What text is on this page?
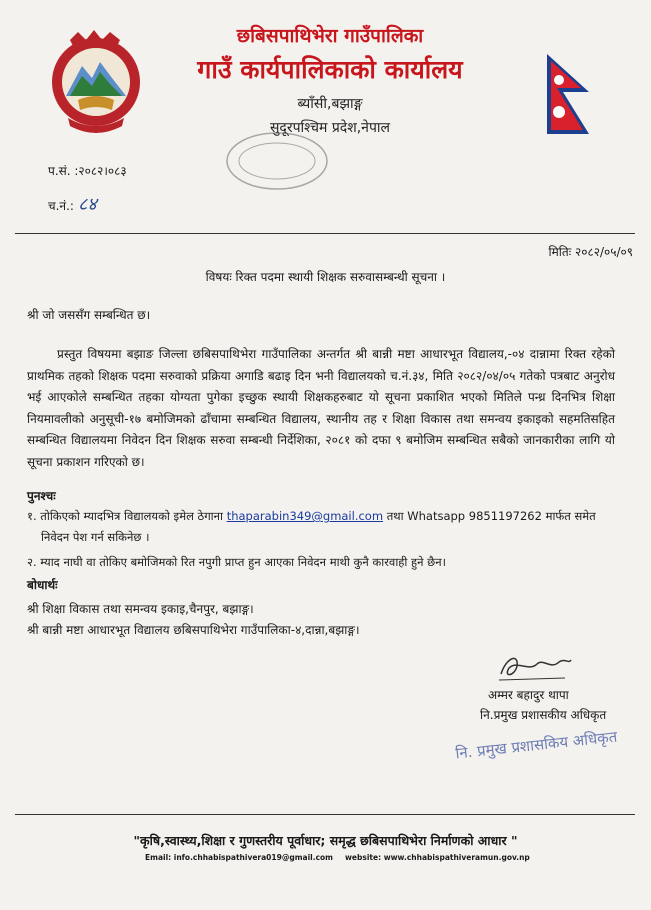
छबिसपाथिभेरा गाउँपालिका
गाउँ कार्यपालिकाको कार्यालय
ब्याँसी,बझाङ्ग
सुदूरपश्चिम प्रदेश,नेपाल
प.सं. :२०८२।०८३
च.नं.: ८४
मितिः २०८२/०५/०९
विषयः रिक्त पदमा स्थायी शिक्षक सरुवासम्बन्धी सूचना ।
श्री जो जससँग सम्बन्धित छ।
प्रस्तुत विषयमा बझाङ जिल्ला छबिसपाथिभेरा गाउँपालिका अन्तर्गत श्री बान्नी मष्टा आधारभूत विद्यालय,-०४ दान्नामा रिक्त रहेको प्राथमिक तहको शिक्षक पदमा सरुवाको प्रक्रिया अगाडि बढाइ दिन भनी विद्यालयको च.नं.३४, मिति २०८२/०४/०५ गतेको पत्रबाट अनुरोध भई आएकोले सम्बन्धित तहका योग्यता पुगेका इच्छुक स्थायी शिक्षकहरुबाट यो सूचना प्रकाशित भएको मितिले पन्ध्र दिनभित्र शिक्षा नियमावलीको अनुसूची-१७ बमोजिमको ढाँचामा सम्बन्धित विद्यालय, स्थानीय तह र शिक्षा विकास तथा समन्वय इकाइको सहमतिसहित सम्बन्धित विद्यालयमा निवेदन दिन शिक्षक सरुवा सम्बन्धी निर्देशिका, २०८१ को दफा ९ बमोजिम सम्बन्धित सबैको जानकारीका लागि यो सूचना प्रकाशन गरिएको छ।
पुनश्चः
१. तोकिएको म्यादभित्र विद्यालयको इमेल ठेगाना thaparabin349@gmail.com तथा Whatsapp 9851197262 मार्फत समेत
निवेदन पेश गर्न सकिनेछ ।
२. म्याद नाघी वा तोकिए बमोजिमको रित नपुगी प्राप्त हुन आएका निवेदन माथी कुनै कारवाही हुने छैन।
बोधार्थः
श्री शिक्षा विकास तथा समन्वय इकाइ,चैनपुर, बझाङ्ग।
श्री बान्नी मष्टा आधारभूत विद्यालय छबिसपाथिभेरा गाउँपालिका-४,दान्ना,बझाङ्ग।
अम्मर बहादुर थापा
नि.प्रमुख प्रशासकीय अधिकृत
नि. प्रमुख प्रशासकिय अधिकृत
"कृषि,स्वास्थ्य,शिक्षा र गुणस्तरीय पूर्वाधार; समृद्ध छबिसपाथिभेरा निर्माणको आधार "
Email: info.chhabispathivera019@gmail.com website: www.chhabispathiveramun.gov.np
